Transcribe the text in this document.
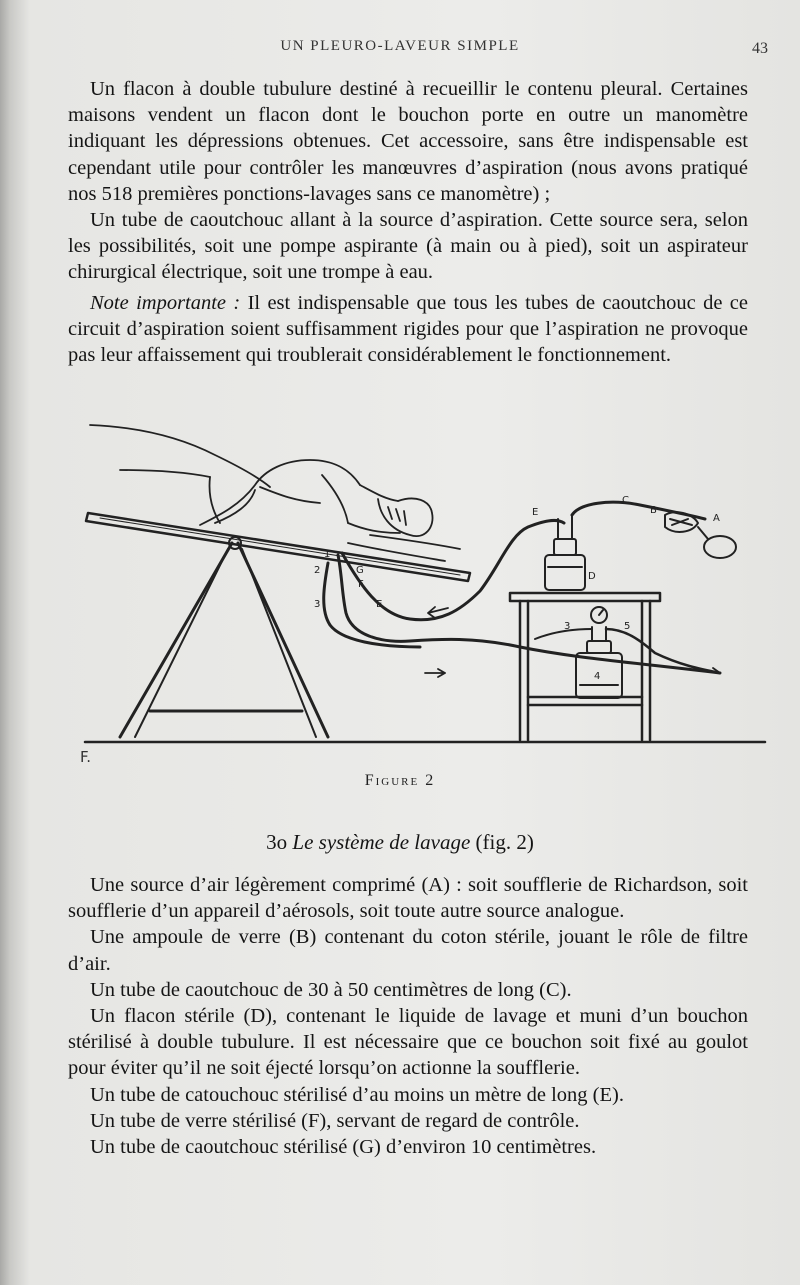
UN PLEURO-LAVEUR SIMPLE	43

Un flacon à double tubulure destiné à recueillir le contenu pleural. Certaines maisons vendent un flacon dont le bouchon porte en outre un manomètre indiquant les dépressions obtenues. Cet accessoire, sans être indispensable est cependant utile pour contrôler les manœuvres d’aspiration (nous avons pratiqué nos 518 premières ponctions-lavages sans ce manomètre) ;

Un tube de caoutchouc allant à la source d’aspiration. Cette source sera, selon les possibilités, soit une pompe aspirante (à main ou à pied), soit un aspirateur chirurgical électrique, soit une trompe à eau.

Note importante : Il est indispensable que tous les tubes de caoutchouc de ce circuit d’aspiration soient suffisamment rigides pour que l’aspiration ne provoque pas leur affaissement qui troublerait considérablement le fonctionnement.

A
B
C
D
E
E
F
G
1
2
3
3
4
5
F.
Figure 2
3o Le système de lavage (fig. 2)

Une source d’air légèrement comprimé (A) : soit soufflerie de Richardson, soit soufflerie d’un appareil d’aérosols, soit toute autre source analogue.

Une ampoule de verre (B) contenant du coton stérile, jouant le rôle de filtre d’air.

Un tube de caoutchouc de 30 à 50 centimètres de long (C).

Un flacon stérile (D), contenant le liquide de lavage et muni d’un bouchon stérilisé à double tubulure. Il est nécessaire que ce bouchon soit fixé au goulot pour éviter qu’il ne soit éjecté lorsqu’on actionne la soufflerie.

Un tube de catouchouc stérilisé d’au moins un mètre de long (E).

Un tube de verre stérilisé (F), servant de regard de contrôle.

Un tube de caoutchouc stérilisé (G) d’environ 10 centimètres.
